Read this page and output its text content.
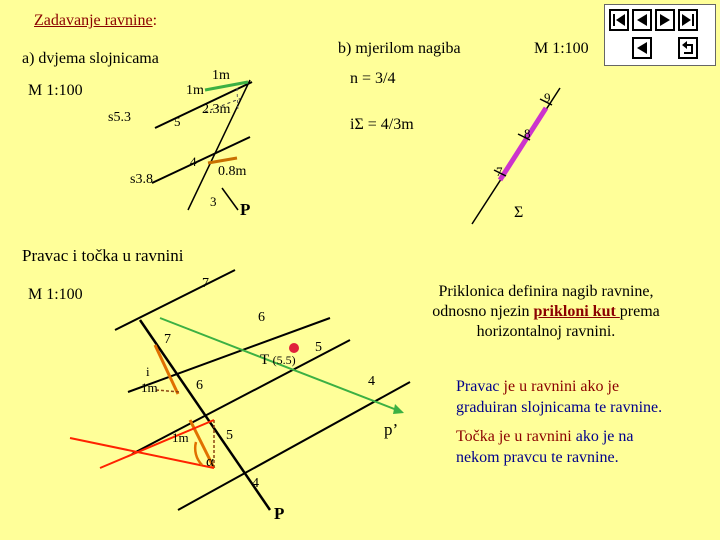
Zadavanje ravnine:
a) dvjema slojnicama
M 1:100
s5.3
s3.8
5
4
3
1m
1m
2.3m
0.8m
P
b) mjerilom nagiba	M 1:100
n = 3/4
iΣ = 4/3m
9
8
7
Σ
Pravac i točka u ravnini
M 1:100
7
6
7
5
T (5.5)
i
1m	6	4
1m	5
α
4
p’
P
Priklonica definira nagib ravnine,
odnosno njezin prikloni kut prema
horizontalnoj ravnini.
Pravac je u ravnini ako je
graduiran slojnicama te ravnine.
Točka je u ravnini ako je na
nekom pravcu te ravnine.
